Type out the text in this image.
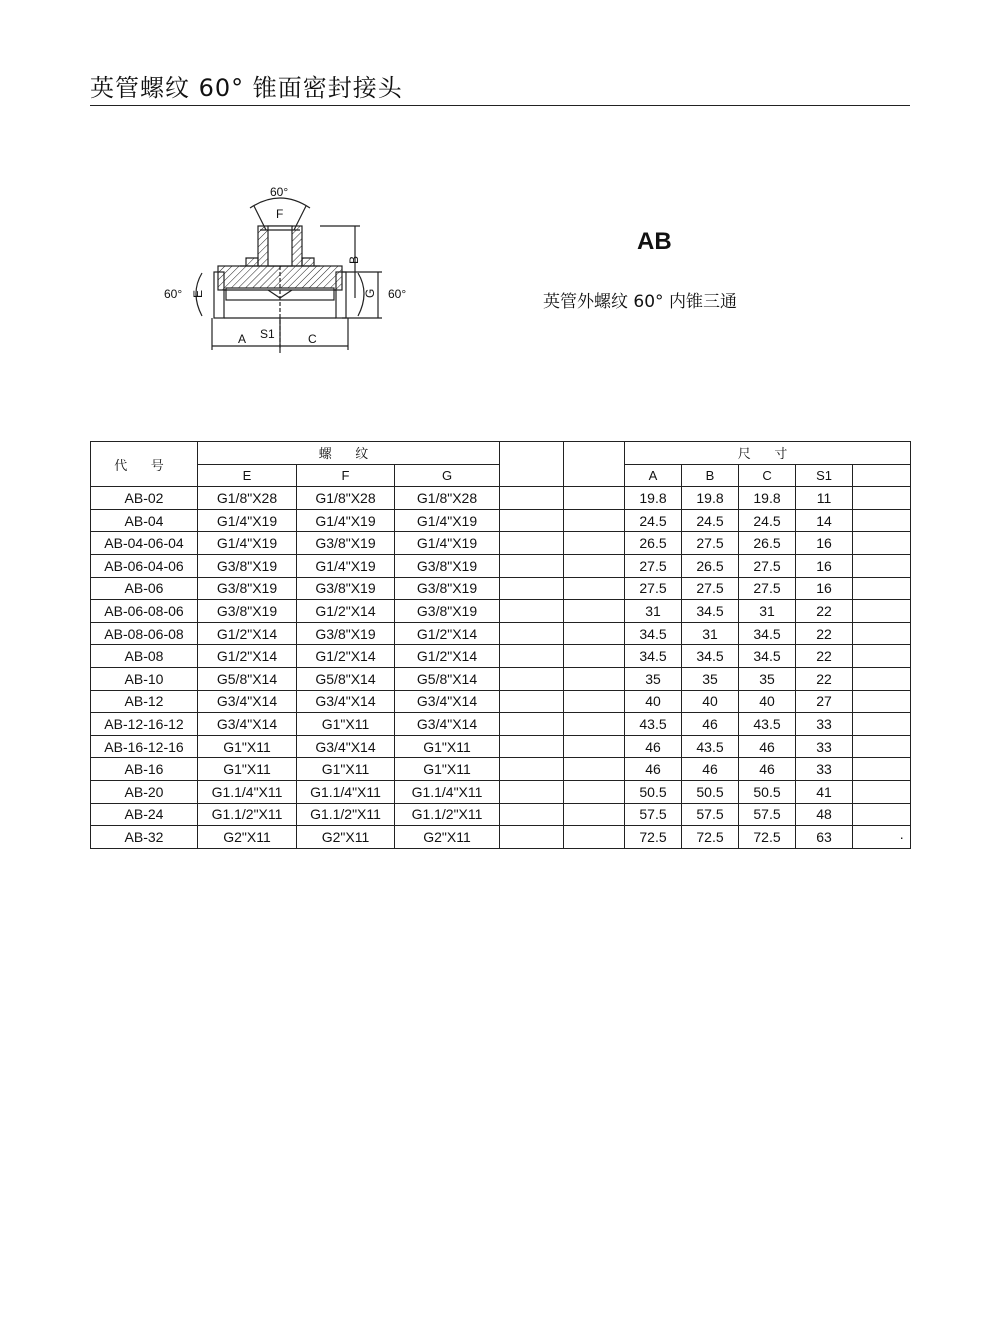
英管螺纹 60° 锥面密封接头
60°
F
B
E	G
60°	60°
A S1	C
AB
英管外螺纹 60° 内锥三通
代 号	螺 纹					尺 寸				
	E	F	G			A	B	C	S1	
AB-02	G1/8"X28	G1/8"X28	G1/8"X28			19.8	19.8	19.8	11	
AB-04	G1/4"X19	G1/4"X19	G1/4"X19			24.5	24.5	24.5	14	
AB-04-06-04	G1/4"X19	G3/8"X19	G1/4"X19			26.5	27.5	26.5	16	
AB-06-04-06	G3/8"X19	G1/4"X19	G3/8"X19			27.5	26.5	27.5	16	
AB-06	G3/8"X19	G3/8"X19	G3/8"X19			27.5	27.5	27.5	16	
AB-06-08-06	G3/8"X19	G1/2"X14	G3/8"X19			31	34.5	31	22	
AB-08-06-08	G1/2"X14	G3/8"X19	G1/2"X14			34.5	31	34.5	22	
AB-08	G1/2"X14	G1/2"X14	G1/2"X14			34.5	34.5	34.5	22	
AB-10	G5/8"X14	G5/8"X14	G5/8"X14			35	35	35	22	
AB-12	G3/4"X14	G3/4"X14	G3/4"X14			40	40	40	27	
AB-12-16-12	G3/4"X14	G1"X11	G3/4"X14			43.5	46	43.5	33	
AB-16-12-16	G1"X11	G3/4"X14	G1"X11			46	43.5	46	33	
AB-16	G1"X11	G1"X11	G1"X11			46	46	46	33	
AB-20	G1.1/4"X11	G1.1/4"X11	G1.1/4"X11			50.5	50.5	50.5	41	
AB-24	G1.1/2"X11	G1.1/2"X11	G1.1/2"X11			57.5	57.5	57.5	48	
AB-32	G2"X11	G2"X11	G2"X11			72.5	72.5	72.5	63	·
